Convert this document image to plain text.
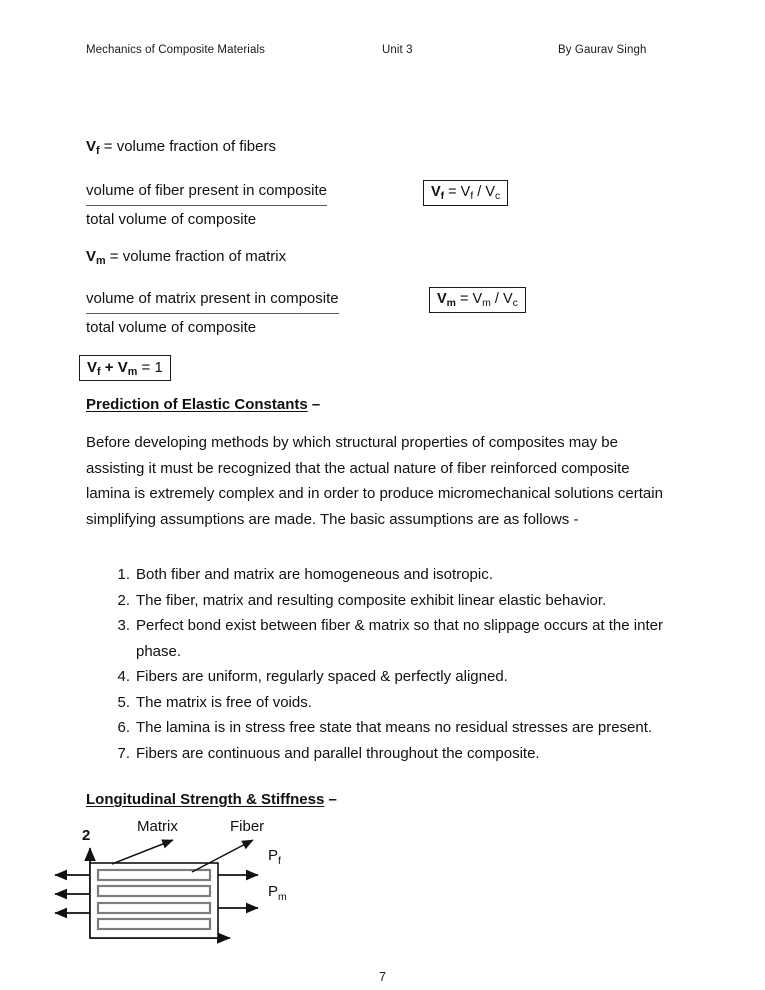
Mechanics of Composite Materials	Unit 3	By Gaurav Singh
$V_f$ = volume fraction of fibers
volume of fiber present in composite
total volume of composite
$V_f = V_f / V_c$
$V_m$ = volume fraction of matrix
volume of matrix present in composite
total volume of composite
$V_m = V_m / V_c$
$V_f + V_m = 1$
Prediction of Elastic Constants –
Before developing methods by which structural properties of composites may be assisting it must be recognized that the actual nature of fiber reinforced composite lamina is extremely complex and in order to produce micromechanical solutions certain simplifying assumptions are made. The basic assumptions are as follows -
1. Both fiber and matrix are homogeneous and isotropic.
2. The fiber, matrix and resulting composite exhibit linear elastic behavior.
3. Perfect bond exist between fiber & matrix so that no slippage occurs at the inter phase.
4. Fibers are uniform, regularly spaced & perfectly aligned.
5. The matrix is free of voids.
6. The lamina is in stress free state that means no residual stresses are present.
7. Fibers are continuous and parallel throughout the composite.
Longitudinal Strength & Stiffness –
2
Matrix	Fiber
$P_f$
$P_m$
7
